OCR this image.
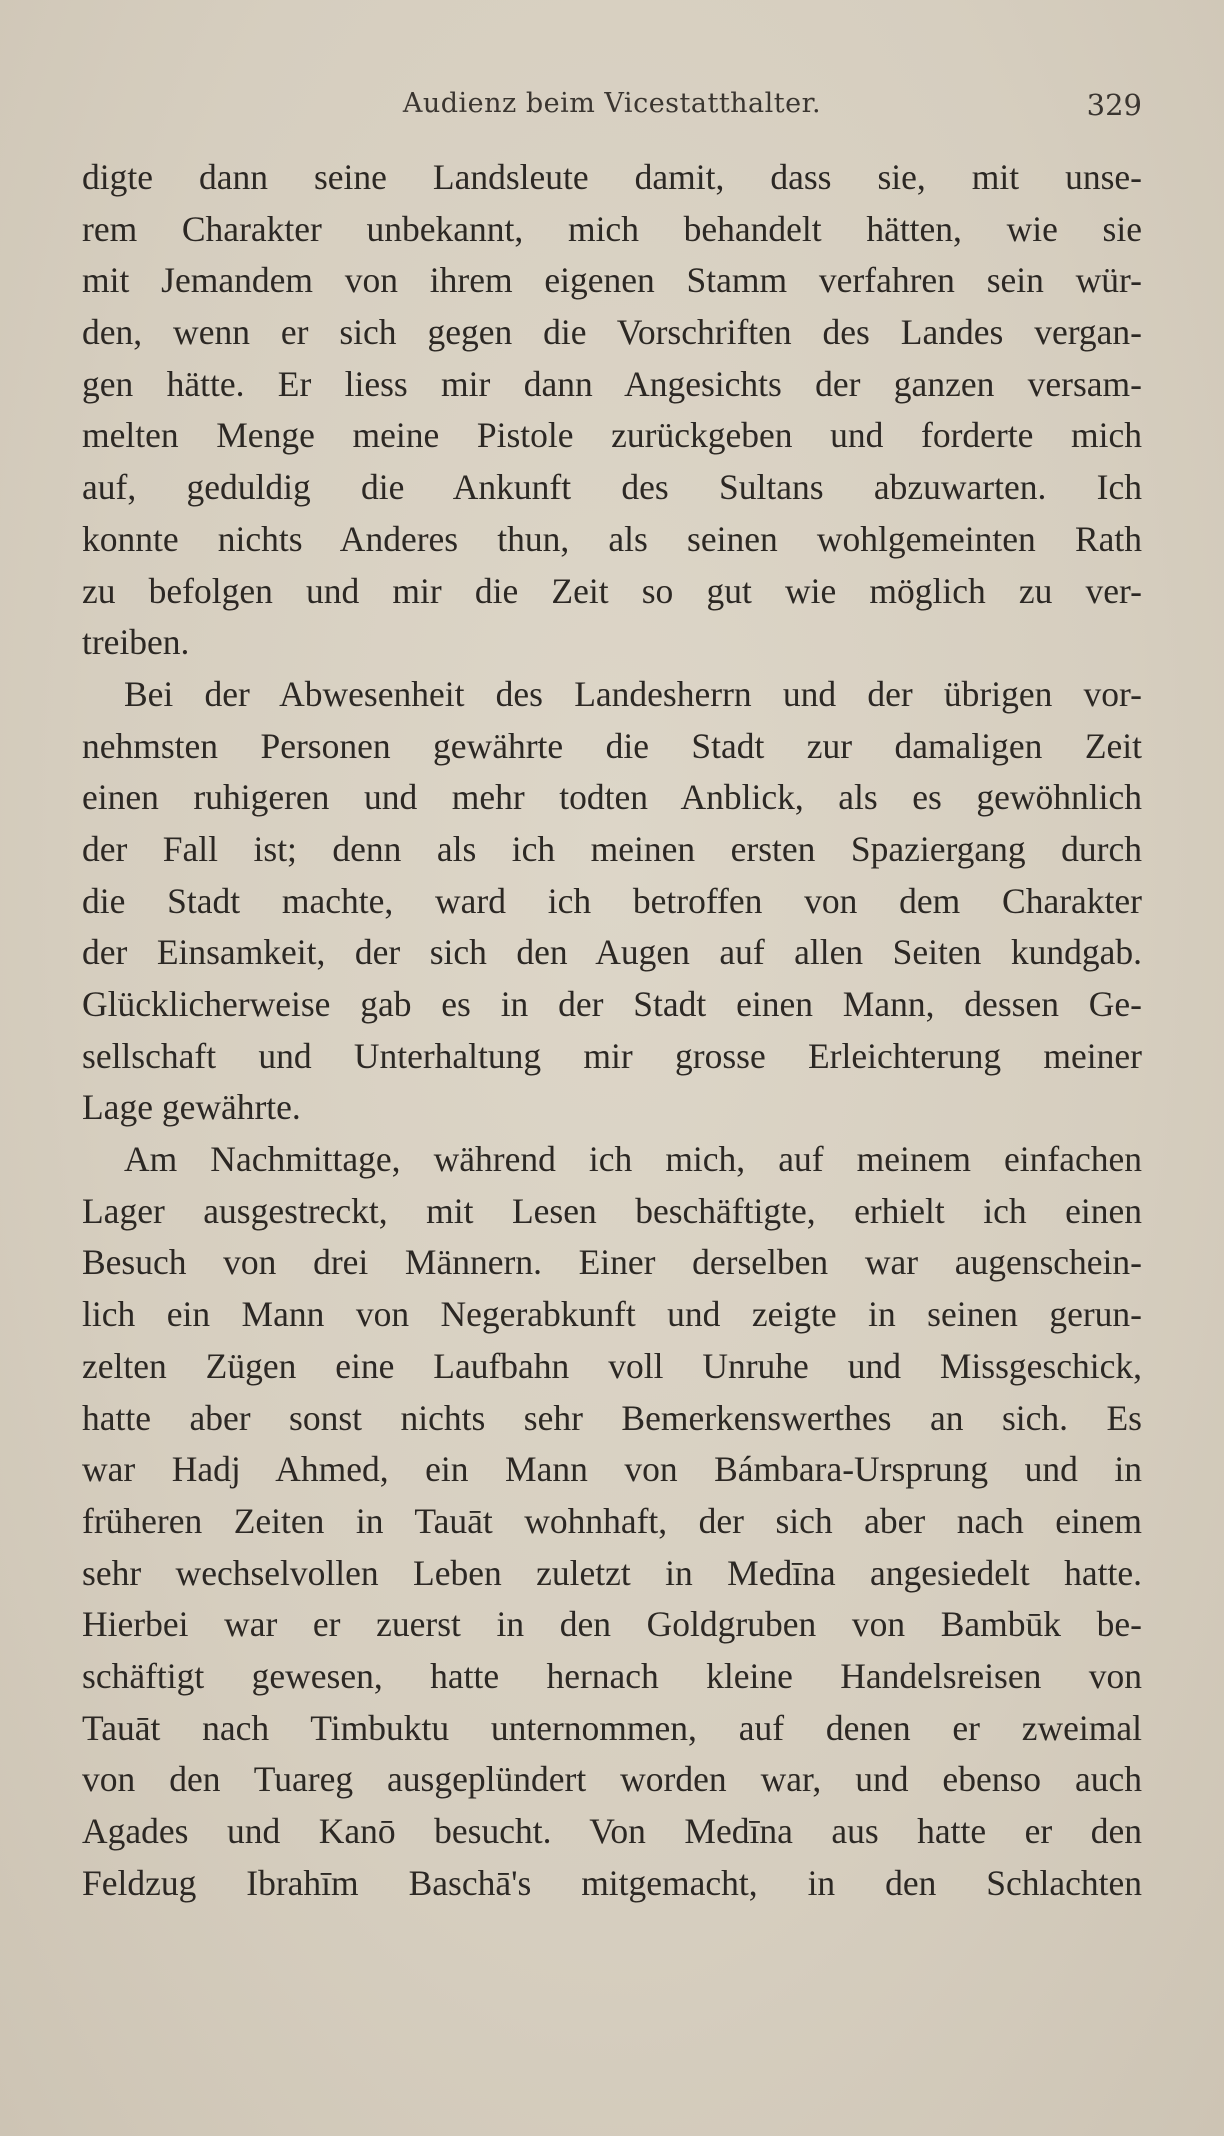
Audienz beim Vicestatthalter.	329
digte dann seine Landsleute damit, dass sie, mit unse-
rem Charakter unbekannt, mich behandelt hätten, wie sie
mit Jemandem von ihrem eigenen Stamm verfahren sein wür-
den, wenn er sich gegen die Vorschriften des Landes vergan-
gen hätte. Er liess mir dann Angesichts der ganzen versam-
melten Menge meine Pistole zurückgeben und forderte mich
auf, geduldig die Ankunft des Sultans abzuwarten. Ich
konnte nichts Anderes thun, als seinen wohlgemeinten Rath
zu befolgen und mir die Zeit so gut wie möglich zu ver-
treiben.
Bei der Abwesenheit des Landesherrn und der übrigen vor-
nehmsten Personen gewährte die Stadt zur damaligen Zeit
einen ruhigeren und mehr todten Anblick, als es gewöhnlich
der Fall ist; denn als ich meinen ersten Spaziergang durch
die Stadt machte, ward ich betroffen von dem Charakter
der Einsamkeit, der sich den Augen auf allen Seiten kundgab.
Glücklicherweise gab es in der Stadt einen Mann, dessen Ge-
sellschaft und Unterhaltung mir grosse Erleichterung meiner
Lage gewährte.
Am Nachmittage, während ich mich, auf meinem einfachen
Lager ausgestreckt, mit Lesen beschäftigte, erhielt ich einen
Besuch von drei Männern. Einer derselben war augenschein-
lich ein Mann von Negerabkunft und zeigte in seinen gerun-
zelten Zügen eine Laufbahn voll Unruhe und Missgeschick,
hatte aber sonst nichts sehr Bemerkenswerthes an sich. Es
war Hadj Ahmed, ein Mann von Bámbara-Ursprung und in
früheren Zeiten in Tauāt wohnhaft, der sich aber nach einem
sehr wechselvollen Leben zuletzt in Medīna angesiedelt hatte.
Hierbei war er zuerst in den Goldgruben von Bambūk be-
schäftigt gewesen, hatte hernach kleine Handelsreisen von
Tauāt nach Timbuktu unternommen, auf denen er zweimal
von den Tuareg ausgeplündert worden war, und ebenso auch
Agades und Kanō besucht. Von Medīna aus hatte er den
Feldzug Ibrahīm Baschā's mitgemacht, in den Schlachten
